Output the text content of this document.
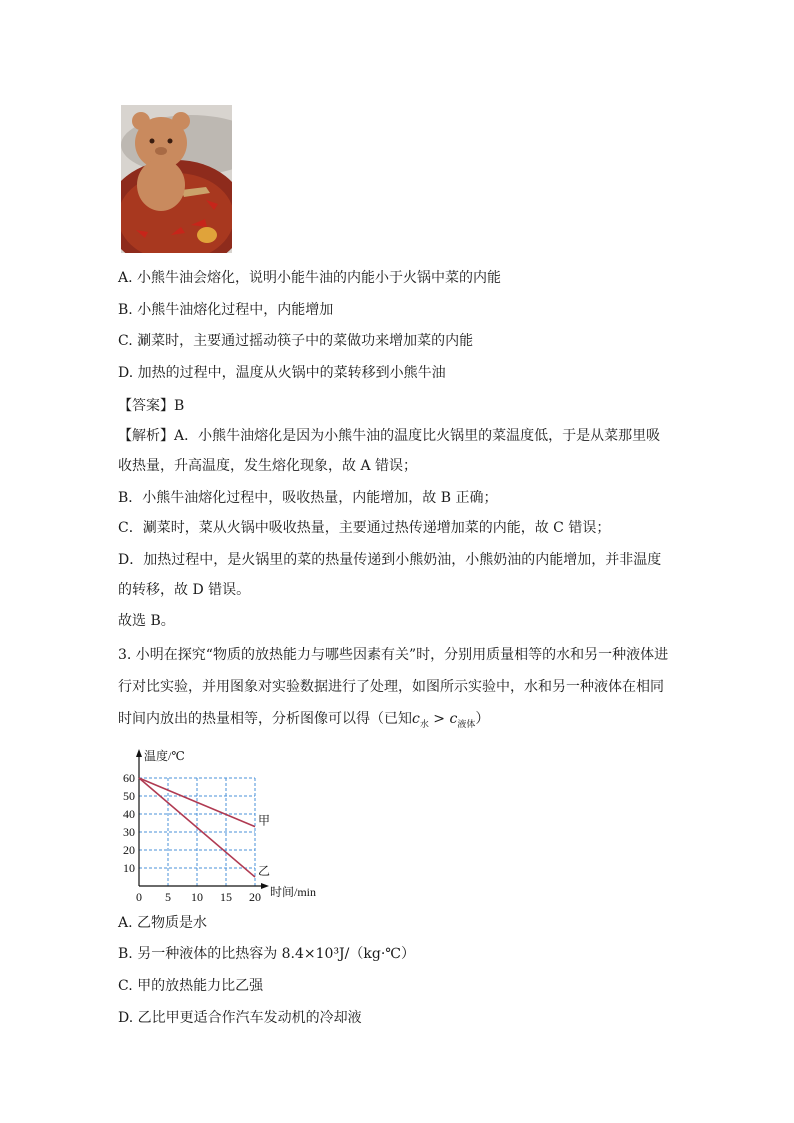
A. 小熊牛油会熔化，说明小能牛油的内能小于火锅中菜的内能
B. 小熊牛油熔化过程中，内能增加
C. 涮菜时，主要通过摇动筷子中的菜做功来增加菜的内能
D. 加热的过程中，温度从火锅中的菜转移到小熊牛油
【答案】B
【解析】A．小熊牛油熔化是因为小熊牛油的温度比火锅里的菜温度低，于是从菜那里吸
收热量，升高温度，发生熔化现象，故 A 错误；
B．小熊牛油熔化过程中，吸收热量，内能增加，故 B 正确；
C．涮菜时，菜从火锅中吸收热量，主要通过热传递增加菜的内能，故 C 错误；
D．加热过程中，是火锅里的菜的热量传递到小熊奶油，小熊奶油的内能增加，并非温度
的转移，故 D 错误。
故选 B。
3. 小明在探究“物质的放热能力与哪些因素有关”时，分别用质量相等的水和另一种液体进
行对比实验，并用图象对实验数据进行了处理，如图所示实验中，水和另一种液体在相同
时间内放出的热量相等，分析图像可以得（已知$c_水 > c_{液体}$）
10
20
30
40
50
60
0 5 10 15 20
甲
乙
温度/℃
时间/min
A. 乙物质是水
B. 另一种液体的比热容为 8.4×10³J/（kg·℃）
C. 甲的放热能力比乙强
D. 乙比甲更适合作汽车发动机的冷却液
